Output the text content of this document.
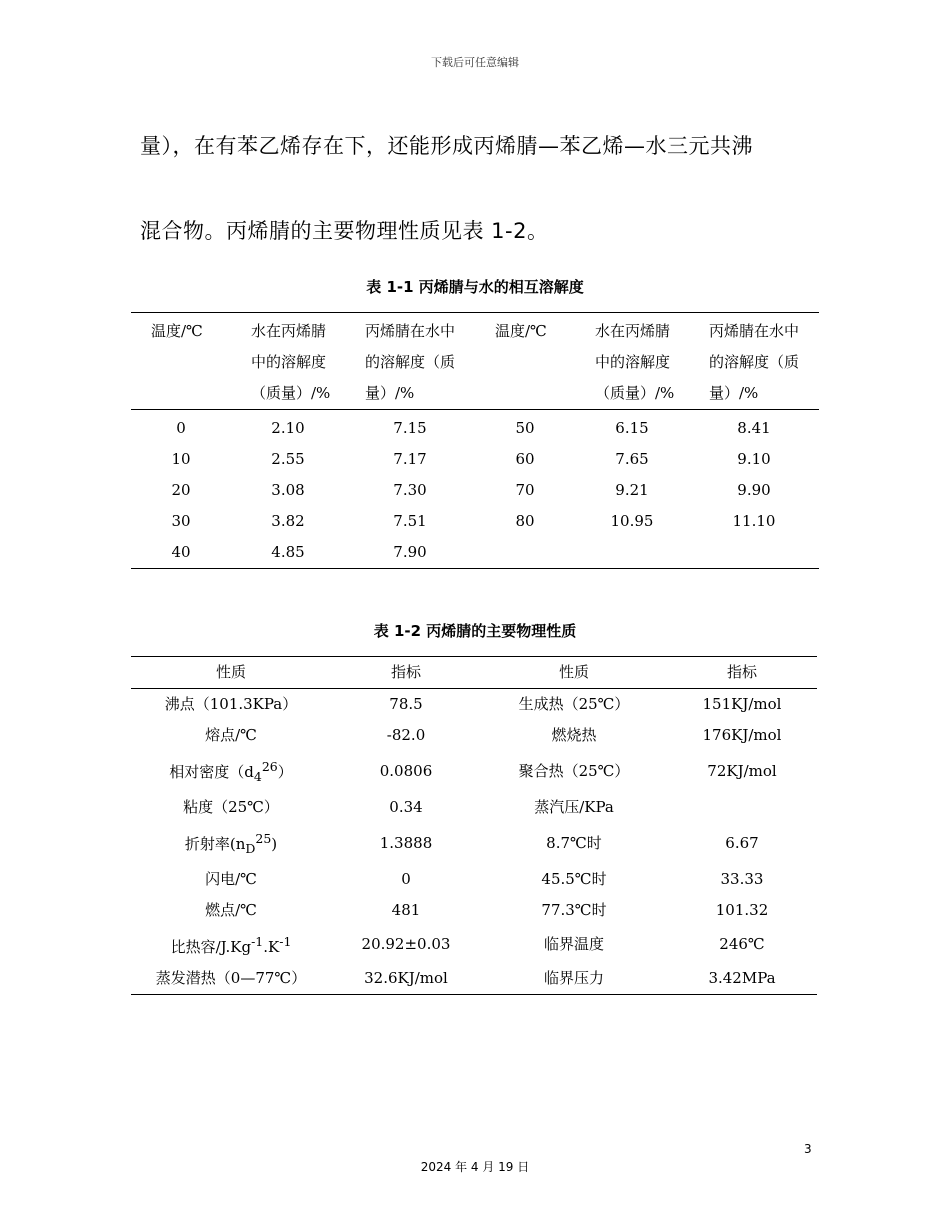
下载后可任意编辑
量），在有苯乙烯存在下，还能形成丙烯腈—苯乙烯—水三元共沸
混合物。丙烯腈的主要物理性质见表 1-2。
表 1-1 丙烯腈与水的相互溶解度
温度/℃	水在丙烯腈中的溶解度（质量）/%	丙烯腈在水中的溶解度（质量）/%	温度/℃	水在丙烯腈中的溶解度（质量）/%	丙烯腈在水中的溶解度（质量）/%
0	2.10	7.15	50	6.15	8.41
10	2.55	7.17	60	7.65	9.10
20	3.08	7.30	70	9.21	9.90
30	3.82	7.51	80	10.95	11.10
40	4.85	7.90			
表 1-2 丙烯腈的主要物理性质
性质	指标	性质	指标
沸点（101.3KPa）	78.5	生成热（25℃）	151KJ/mol
熔点/℃	-82.0	燃烧热	176KJ/mol
相对密度$(d_4^{26})$	0.0806	聚合热（25℃）	72KJ/mol
粘度（25℃）	0.34	蒸汽压/KPa	
折射率$(n_D^{25})$	1.3888	8.7℃时	6.67
闪电/℃	0	45.5℃时	33.33
燃点/℃	481	77.3℃时	101.32
比热容$/J.Kg^{-1}.K^{-1}$	20.92±0.03	临界温度	246℃
蒸发潜热（0—77℃）	32.6KJ/mol	临界压力	3.42MPa
3
2024 年 4 月 19 日
